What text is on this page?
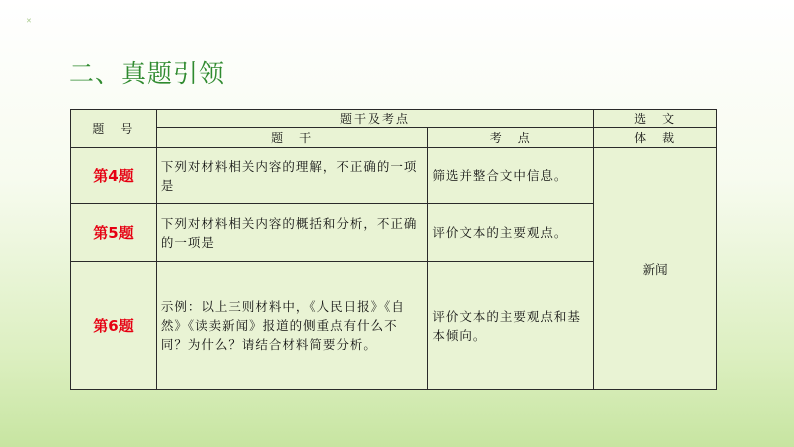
✕
二、真题引领
题　号	题干及考点		选　文
	题　干	考　点	体　裁
第4题	下列对材料相关内容的理解，不正确的一项是	筛选并整合文中信息。	新闻
第5题	下列对材料相关内容的概括和分析，不正确的一项是	评价文本的主要观点。	
第6题	示例：以上三则材料中，《人民日报》《自然》《读卖新闻》报道的侧重点有什么不同？为什么？请结合材料简要分析。	评价文本的主要观点和基本倾向。	
